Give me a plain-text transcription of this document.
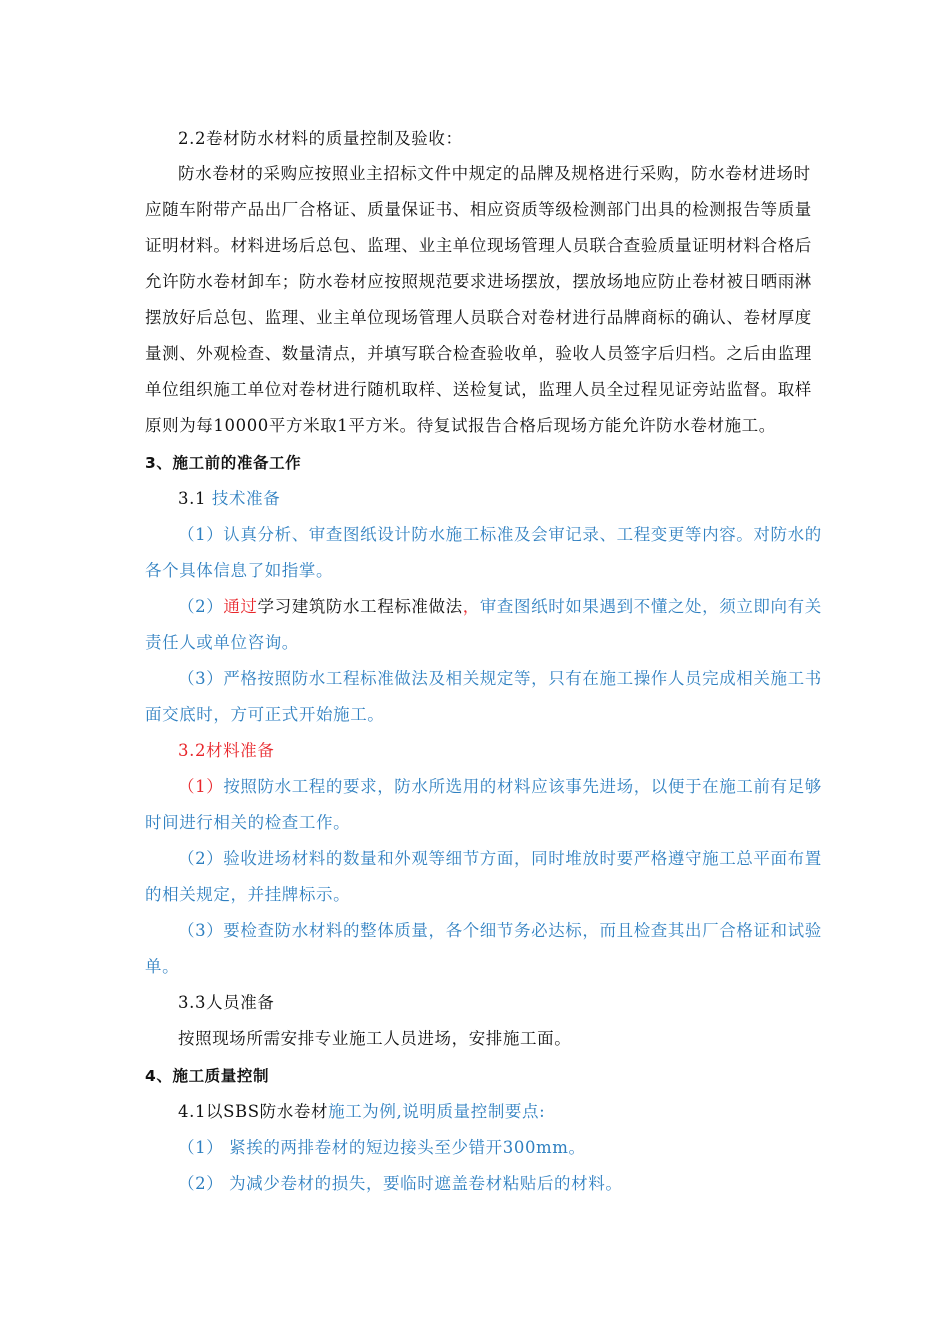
2.2卷材防水材料的质量控制及验收：
防水卷材的采购应按照业主招标文件中规定的品牌及规格进行采购，防水卷材进场时
应随车附带产品出厂合格证、质量保证书、相应资质等级检测部门出具的检测报告等质量
证明材料。材料进场后总包、监理、业主单位现场管理人员联合查验质量证明材料合格后
允许防水卷材卸车；防水卷材应按照规范要求进场摆放，摆放场地应防止卷材被日晒雨淋
摆放好后总包、监理、业主单位现场管理人员联合对卷材进行品牌商标的确认、卷材厚度
量测、外观检查、数量清点，并填写联合检查验收单，验收人员签字后归档。之后由监理
单位组织施工单位对卷材进行随机取样、送检复试，监理人员全过程见证旁站监督。取样
原则为每10000平方米取1平方米。待复试报告合格后现场方能允许防水卷材施工。
3、施工前的准备工作
3.1 技术准备
（1）认真分析、审查图纸设计防水施工标准及会审记录、工程变更等内容。对防水的
各个具体信息了如指掌。
（2）通过学习建筑防水工程标准做法，审查图纸时如果遇到不懂之处，须立即向有关
责任人或单位咨询。
（3）严格按照防水工程标准做法及相关规定等，只有在施工操作人员完成相关施工书
面交底时，方可正式开始施工。
3.2材料准备
（1）按照防水工程的要求，防水所选用的材料应该事先进场，以便于在施工前有足够
时间进行相关的检查工作。
（2）验收进场材料的数量和外观等细节方面，同时堆放时要严格遵守施工总平面布置
的相关规定，并挂牌标示。
（3）要检查防水材料的整体质量，各个细节务必达标，而且检查其出厂合格证和试验
单。
3.3人员准备
按照现场所需安排专业施工人员进场，安排施工面。
4、施工质量控制
4.1以SBS防水卷材施工为例,说明质量控制要点:
（1） 紧挨的两排卷材的短边接头至少错开300mm。
（2） 为减少卷材的损失，要临时遮盖卷材粘贴后的材料。
